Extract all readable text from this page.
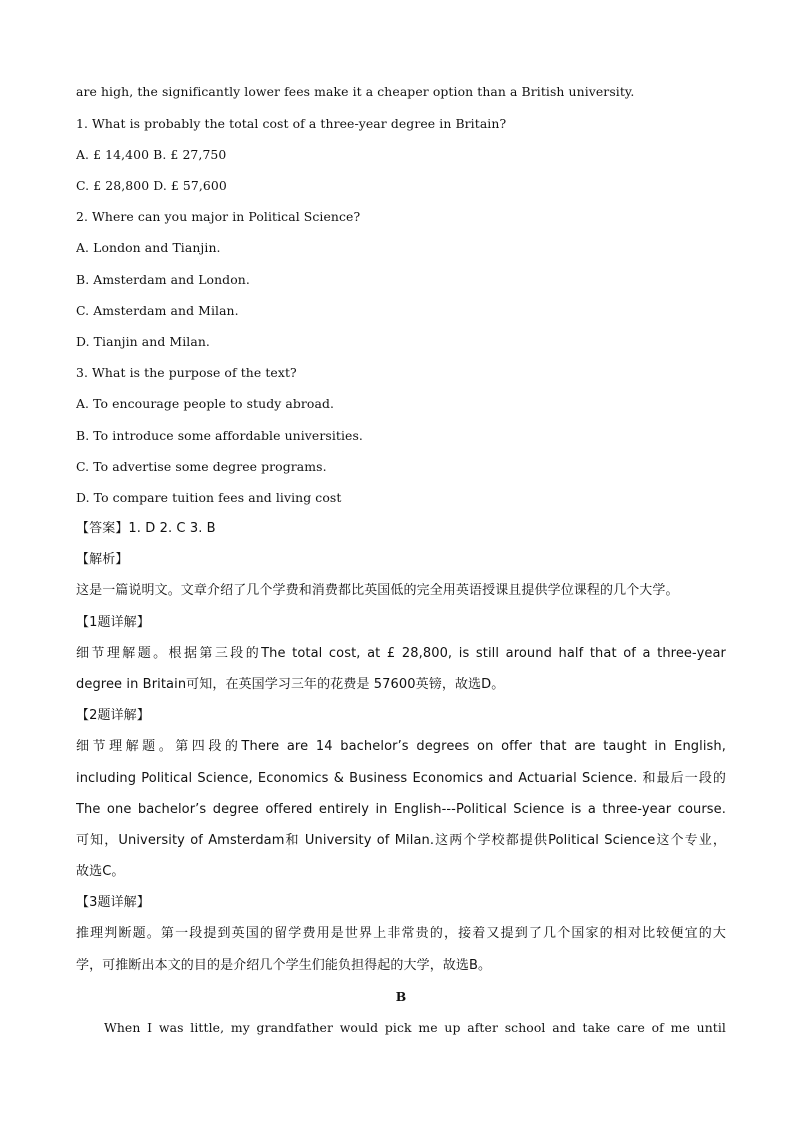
are high, the significantly lower fees make it a cheaper option than a British university.
1. What is probably the total cost of a three-year degree in Britain?
A. £ 14,400 B. £ 27,750
C. £ 28,800 D. £ 57,600
2. Where can you major in Political Science?
A. London and Tianjin.
B. Amsterdam and London.
C. Amsterdam and Milan.
D. Tianjin and Milan.
3. What is the purpose of the text?
A. To encourage people to study abroad.
B. To introduce some affordable universities.
C. To advertise some degree programs.
D. To compare tuition fees and living cost
【答案】1. D 2. C 3. B
【解析】
这是一篇说明文。文章介绍了几个学费和消费都比英国低的完全用英语授课且提供学位课程的几个大学。
【1题详解】
细节理解题。根据第三段的The total cost, at £ 28,800, is still around half that of a three-year
degree in Britain可知，在英国学习三年的花费是 57600英镑，故选D。
【2题详解】
细节理解题。第四段的There are 14 bachelor’s degrees on offer that are taught in English,
including Political Science, Economics & Business Economics and Actuarial Science. 和最后一段的
The one bachelor’s degree offered entirely in English---Political Science is a three-year course.
可知，University of Amsterdam和 University of Milan.这两个学校都提供Political Science这个专业，
故选C。
【3题详解】
推理判断题。第一段提到英国的留学费用是世界上非常贵的，接着又提到了几个国家的相对比较便宜的大
学，可推断出本文的目的是介绍几个学生们能负担得起的大学，故选B。
B
When I was little, my grandfather would pick me up after school and take care of me until
